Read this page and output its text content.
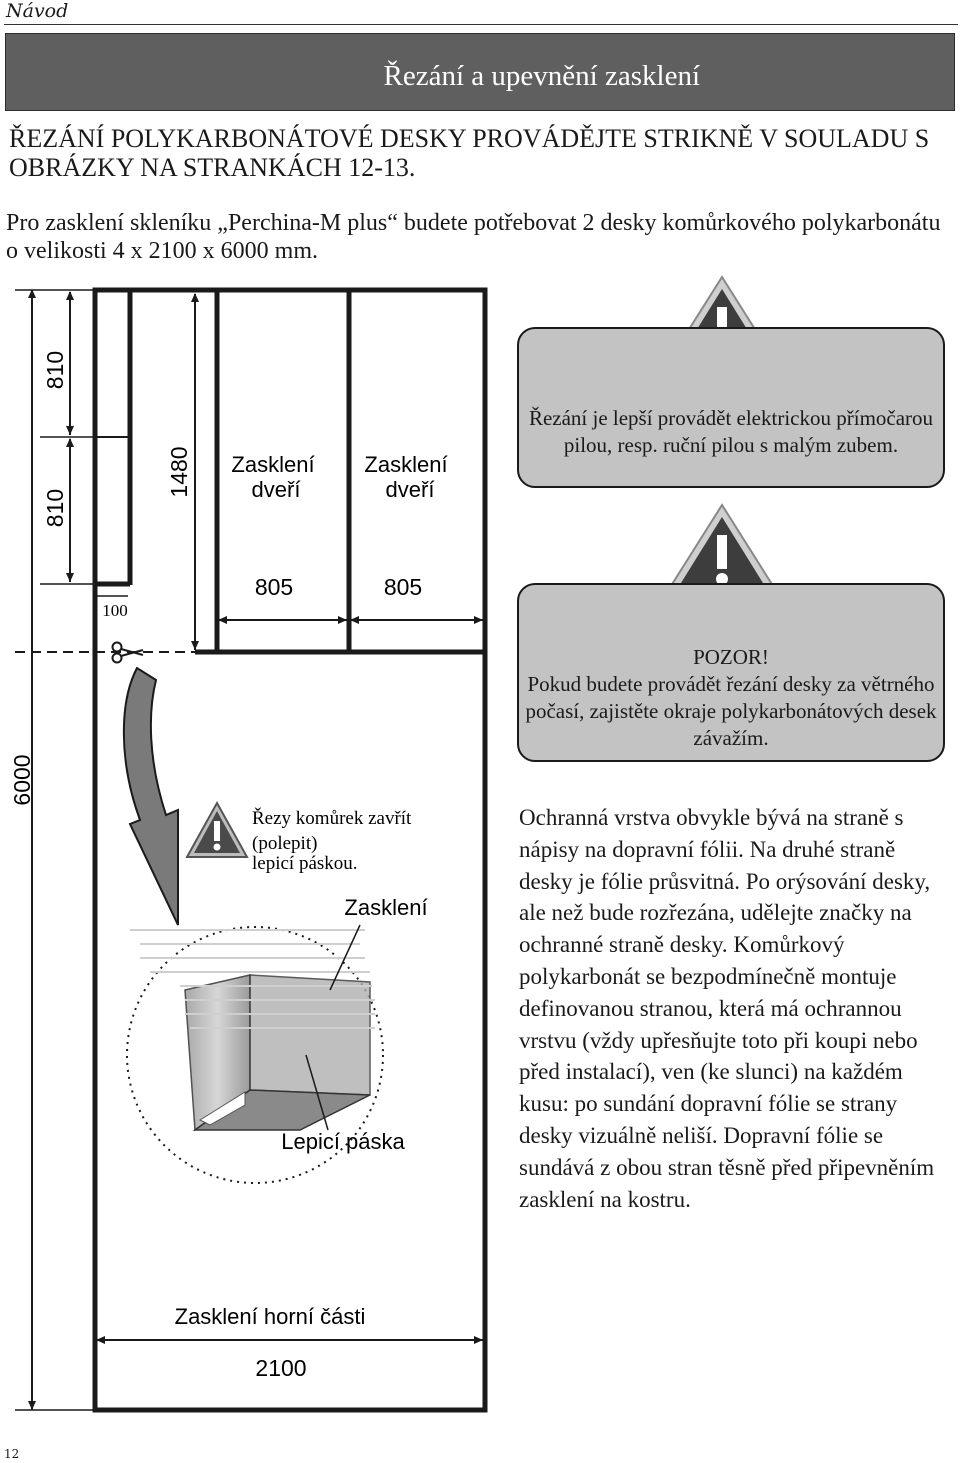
Návod
Řezání a upevnění zasklení
ŘEZÁNÍ POLYKARBONÁTOVÉ DESKY PROVÁDĚJTE STRIKNĚ V SOULADU S OBRÁZKY NA STRANKÁCH 12-13.
Pro zasklení skleníku „Perchina-M plus“ budete potřebovat 2 desky komůrkového polykarbonátu o velikosti 4 x 2100 x 6000 mm.
6000
810
810
1480
100
805	805
2100
Zasklení
dveří
Zasklení
dveří
Zasklení horní části
Řezy komůrek zavřít
(polepit)
lepicí páskou.
Zasklení
Lepicí páska
Řezání je lepší provádět elektrickou přímočarou pilou, resp. ruční pilou s malým zubem.
POZOR!
Pokud budete provádět řezání desky za větrného počasí, zajistěte okraje polykarbonátových desek závažím.
Ochranná vrstva obvykle bývá na straně s nápisy na dopravní fólii. Na druhé straně desky je fólie průsvitná. Po orýsování desky, ale než bude rozřezána, udělejte značky na ochranné straně desky. Komůrkový polykarbonát se bezpodmínečně montuje definovanou stranou, která má ochrannou vrstvu (vždy upřesňujte toto při koupi nebo před instalací), ven (ke slunci) na každém kusu: po sundání dopravní fólie se strany desky vizuálně neliší. Dopravní fólie se sundává z obou stran těsně před připevněním zasklení na kostru.
12
